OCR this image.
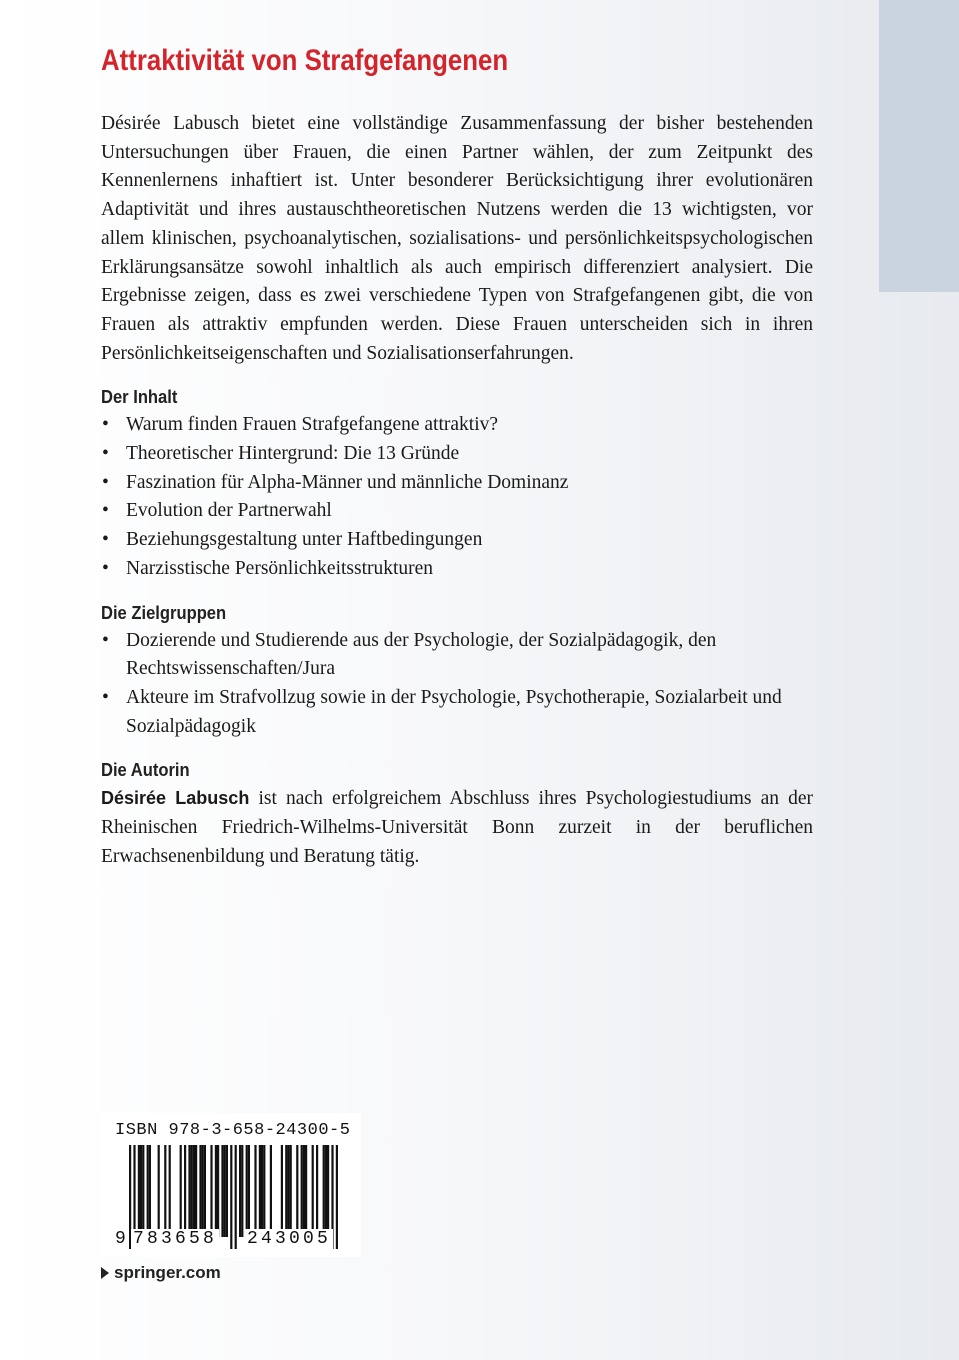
Attraktivität von Strafgefangenen

Désirée Labusch bietet eine vollständige Zusammenfassung der bisher bestehenden Untersuchungen über Frauen, die einen Partner wählen, der zum Zeitpunkt des Kennenlernens inhaftiert ist. Unter besonderer Berücksichtigung ihrer evolutionären Adaptivität und ihres austauschtheoretischen Nutzens werden die 13 wichtigsten, vor allem klinischen, psychoanalytischen, sozialisations- und persönlichkeitspsychologischen Erklärungsansätze sowohl inhaltlich als auch empirisch differenziert analysiert. Die Ergebnisse zeigen, dass es zwei verschiedene Typen von Strafgefangenen gibt, die von Frauen als attraktiv empfunden werden. Diese Frauen unterscheiden sich in ihren Persönlichkeitseigenschaften und Sozialisationserfahrungen.

Der Inhalt
• Warum finden Frauen Strafgefangene attraktiv?
• Theoretischer Hintergrund: Die 13 Gründe
• Faszination für Alpha-Männer und männliche Dominanz
• Evolution der Partnerwahl
• Beziehungsgestaltung unter Haftbedingungen
• Narzisstische Persönlichkeitsstrukturen
Die Zielgruppen
• Dozierende und Studierende aus der Psychologie, der Sozialpädagogik, den Rechtswissenschaften/Jura
• Akteure im Strafvollzug sowie in der Psychologie, Psychotherapie, Sozialarbeit und Sozialpädagogik
Die Autorin

Désirée Labusch ist nach erfolgreichem Abschluss ihres Psychologiestudiums an der Rheinischen Friedrich-Wilhelms-Universität Bonn zurzeit in der beruflichen Erwachsenenbildung und Beratung tätig.

ISBN 978-3-658-24300-5
9 783658 243005
springer.com
